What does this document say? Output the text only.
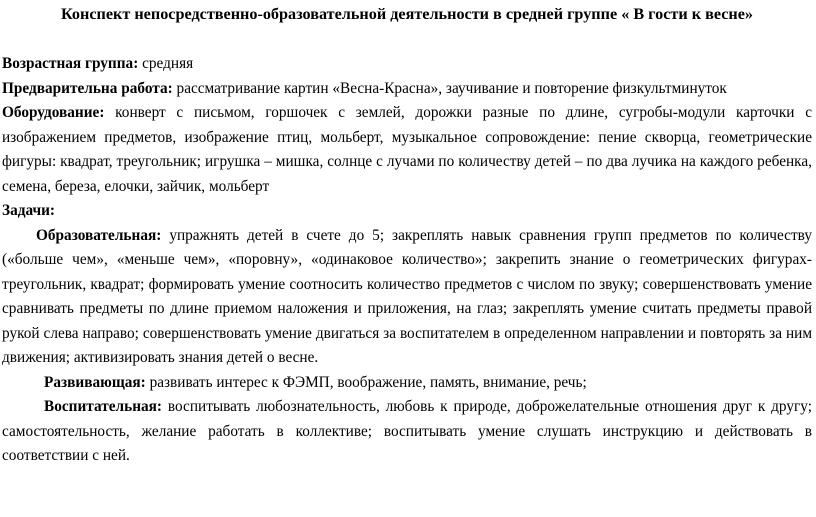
Конспект непосредственно-образовательной деятельности в средней группе « В гости к весне»

Возрастная группа: средняя

Предварительна работа: рассматривание картин «Весна-Красна», заучивание и повторение физкультминуток

Оборудование: конверт с письмом, горшочек с землей, дорожки разные по длине, сугробы-модули карточки с изображением предметов, изображение птиц, мольберт, музыкальное сопровождение: пение скворца, геометрические фигуры: квадрат, треугольник; игрушка – мишка, солнце с лучами по количеству детей – по два лучика на каждого ребенка, семена, береза, елочки, зайчик, мольберт

Задачи:

Образовательная: упражнять детей в счете до 5; закреплять навык сравнения групп предметов по количеству («больше чем», «меньше чем», «поровну», «одинаковое количество»; закрепить знание о геометрических фигурах- треугольник, квадрат; формировать умение соотносить количество предметов с числом по звуку; совершенствовать умение сравнивать предметы по длине приемом наложения и приложения, на глаз; закреплять умение считать предметы правой рукой слева направо; совершенствовать умение двигаться за воспитателем в определенном направлении и повторять за ним движения; активизировать знания детей о весне.

Развивающая: развивать интерес к ФЭМП, воображение, память, внимание, речь;

Воспитательная: воспитывать любознательность, любовь к природе, доброжелательные отношения друг к другу; самостоятельность, желание работать в коллективе; воспитывать умение слушать инструкцию и действовать в соответствии с ней.
